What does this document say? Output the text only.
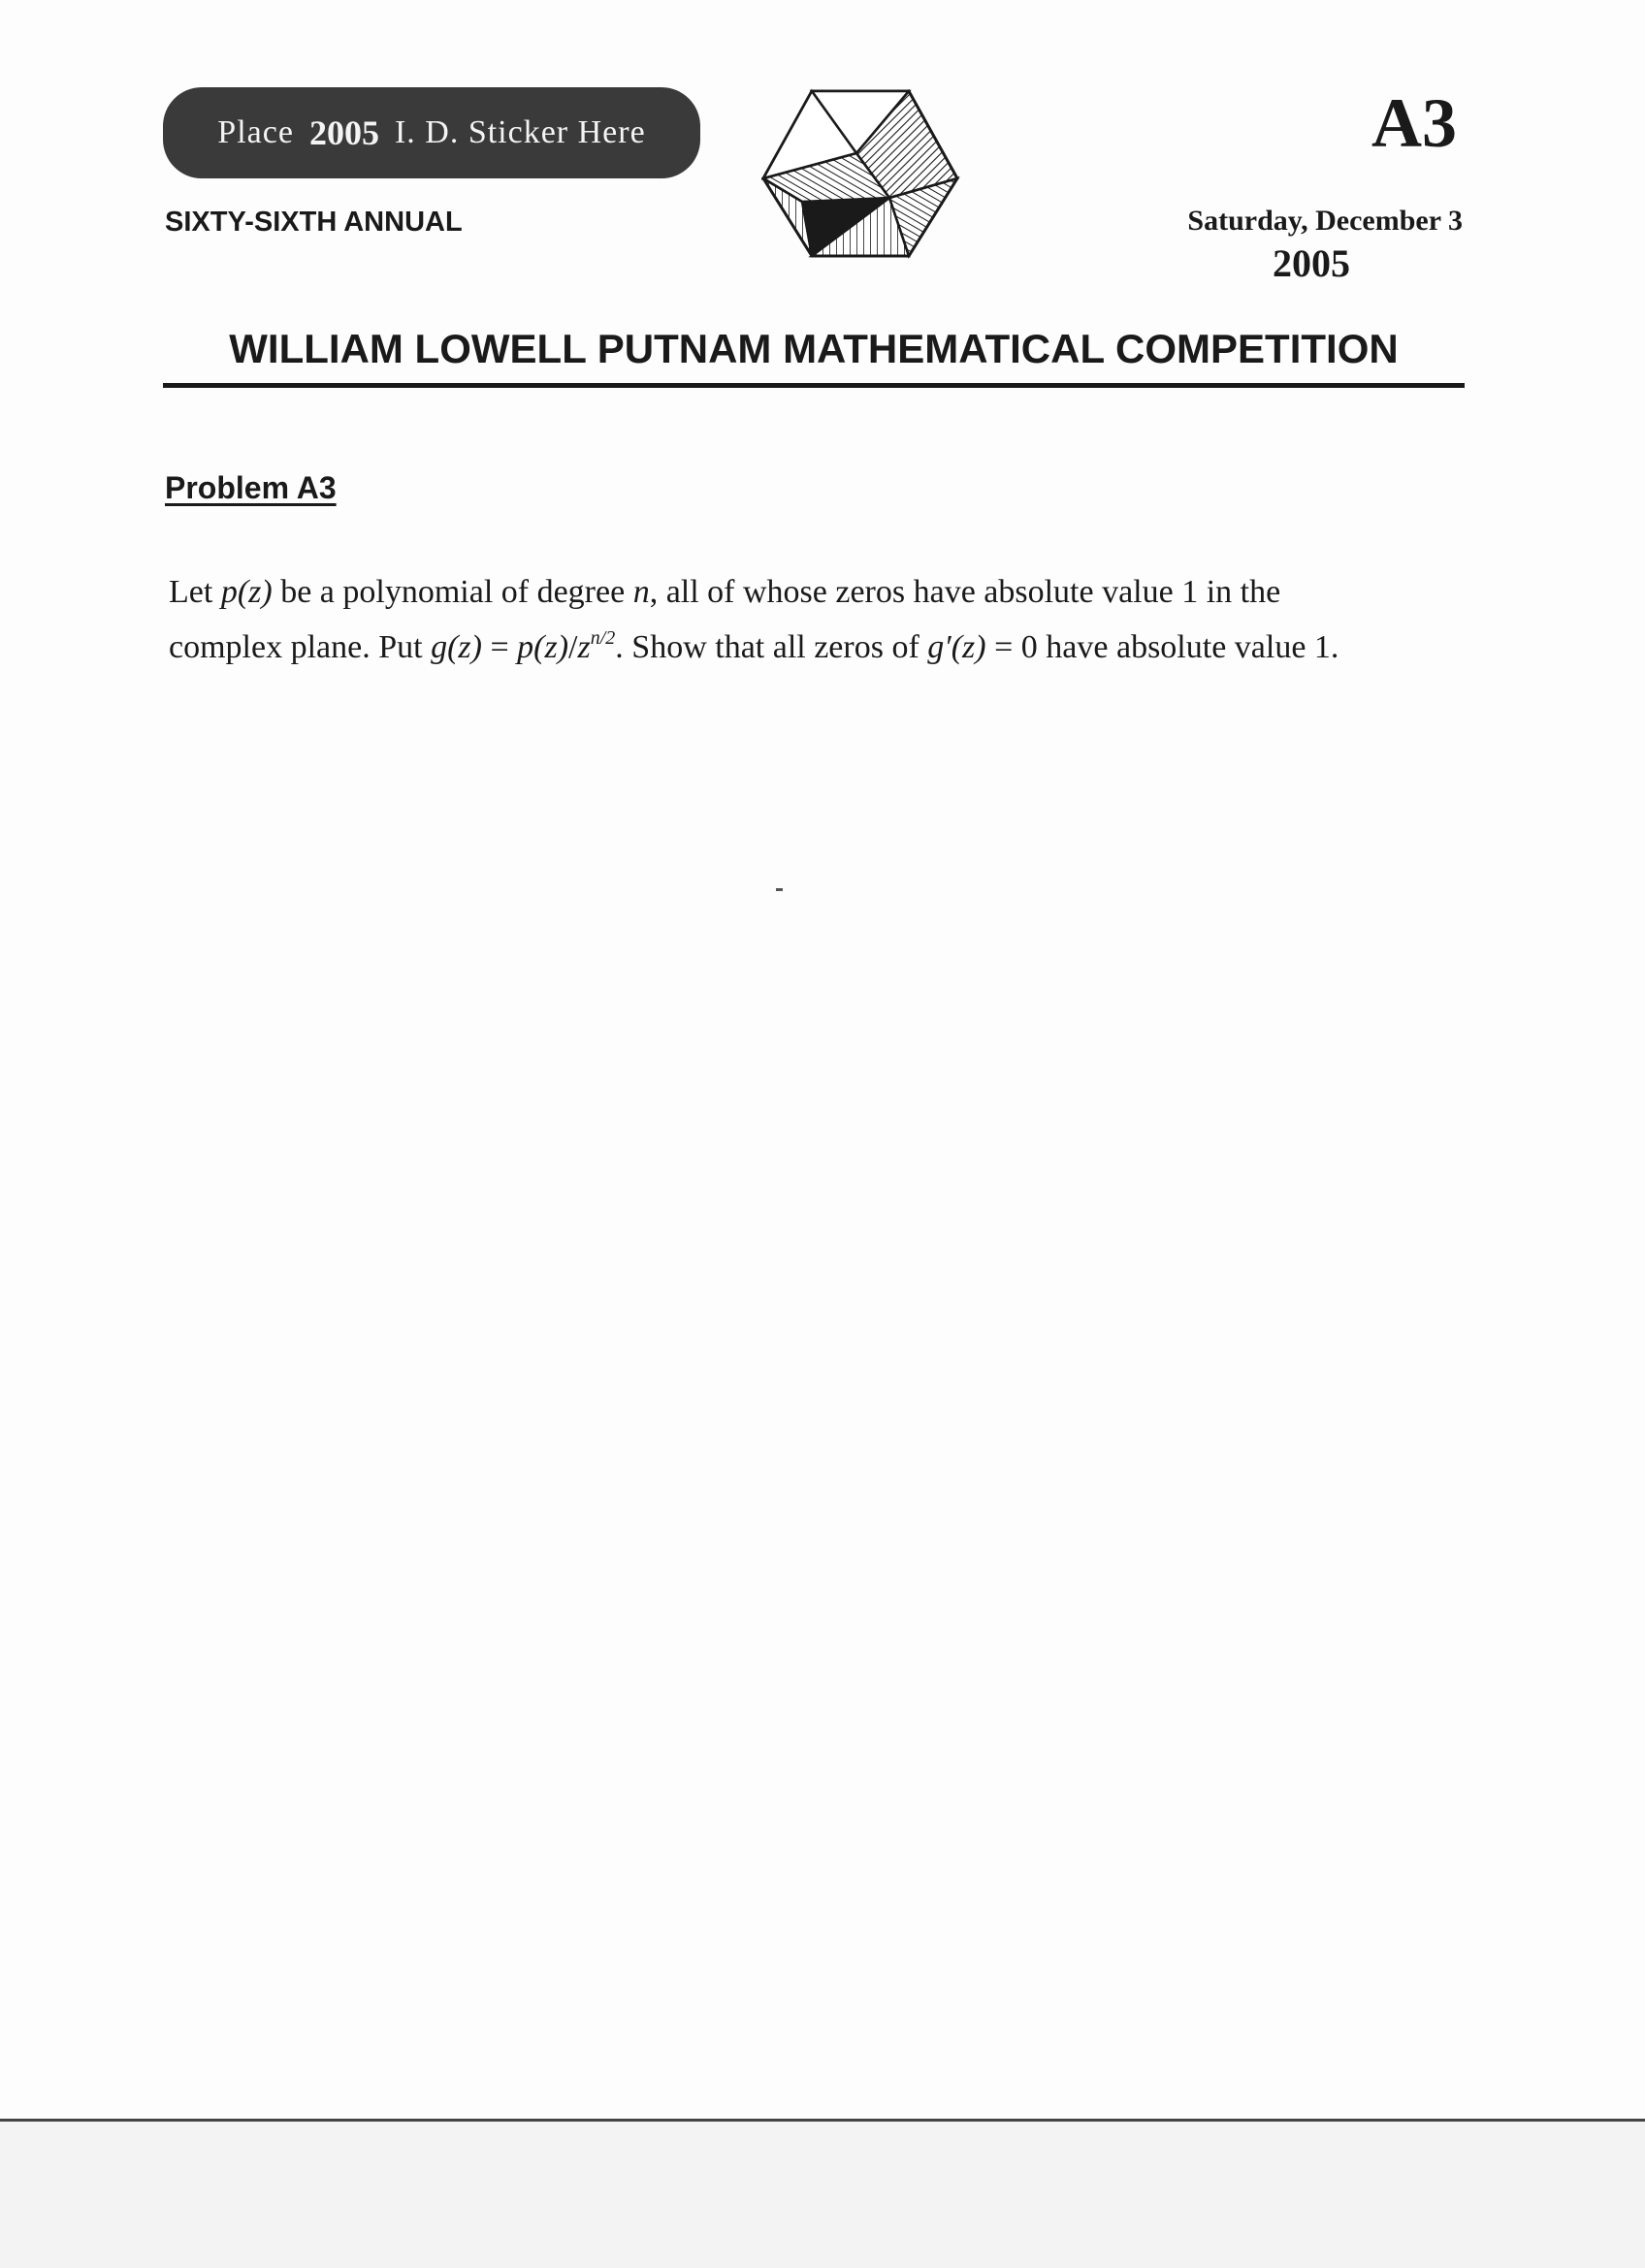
Place 2005 I. D. Sticker Here
SIXTY-SIXTH ANNUAL
A3
Saturday, December 3
2005
WILLIAM LOWELL PUTNAM MATHEMATICAL COMPETITION
Problem A3
Let p(z) be a polynomial of degree n, all of whose zeros have absolute value 1 in the complex plane. Put $g(z) = p(z)/z^{n/2}$. Show that all zeros of g′(z) = 0 have absolute value 1.
